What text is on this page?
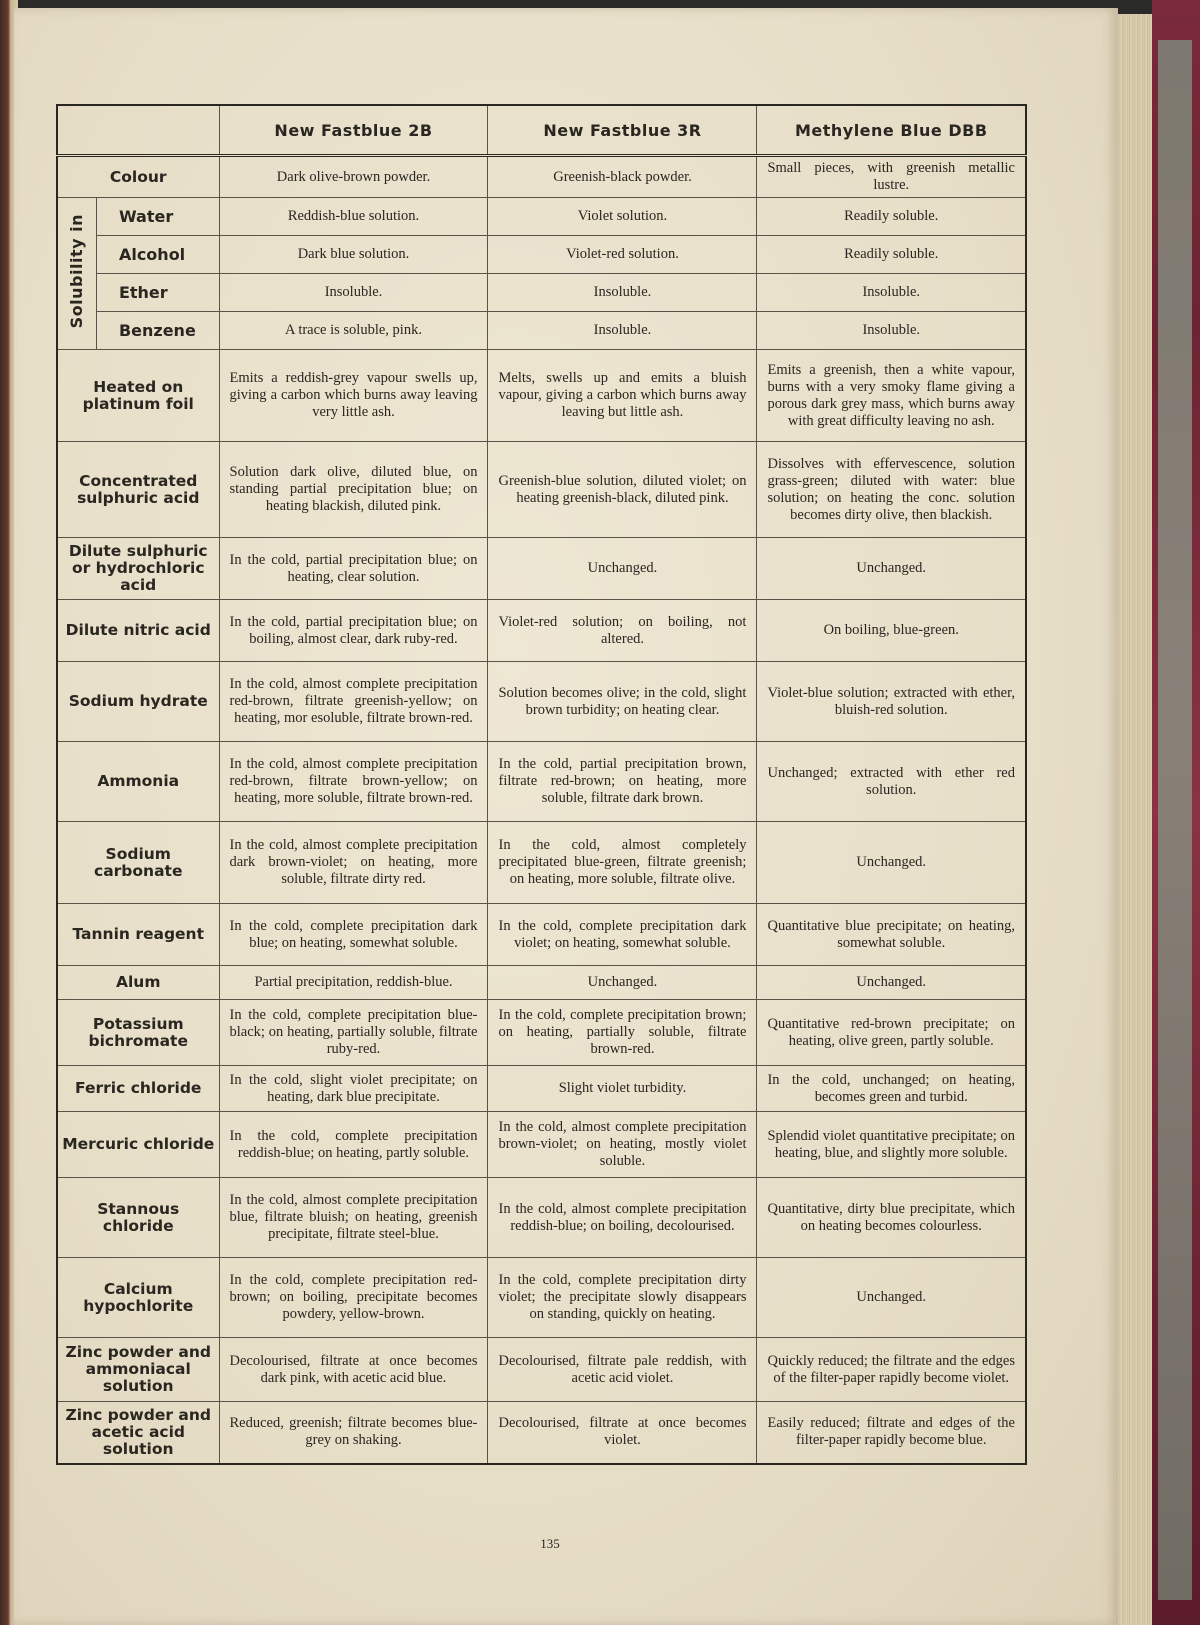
		New Fastblue 2B	New Fastblue 3R	Methylene Blue DBB
Colour		Dark olive-brown powder.	Greenish-black powder.	Small pieces, with greenish metallic lustre.
Solubility in	Water	Reddish-blue solution.	Violet solution.	Readily soluble.
	Alcohol	Dark blue solution.	Violet-red solution.	Readily soluble.
	Ether	Insoluble.	Insoluble.	Insoluble.
	Benzene	A trace is soluble, pink.	Insoluble.	Insoluble.
Heated on platinum foil		Emits a reddish-grey vapour swells up, giving a carbon which burns away leaving very little ash.	Melts, swells up and emits a bluish vapour, giving a carbon which burns away leaving but little ash.	Emits a greenish, then a white vapour, burns with a very smoky flame giving a porous dark grey mass, which burns away with great difficulty leaving no ash.
Concentrated sulphuric acid		Solution dark olive, diluted blue, on standing partial precipitation blue; on heating blackish, diluted pink.	Greenish-blue solution, diluted violet; on heating greenish-black, diluted pink.	Dissolves with effervescence, solution grass-green; diluted with water: blue solution; on heating the conc. solution becomes dirty olive, then blackish.
Dilute sulphuric or hydrochloric acid		In the cold, partial precipitation blue; on heating, clear solution.	Unchanged.	Unchanged.
Dilute nitric acid		In the cold, partial precipitation blue; on boiling, almost clear, dark ruby-red.	Violet-red solution; on boiling, not altered.	On boiling, blue-green.
Sodium hydrate		In the cold, almost complete precipitation red-brown, filtrate greenish-yellow; on heating, mor esoluble, filtrate brown-red.	Solution becomes olive; in the cold, slight brown turbidity; on heating clear.	Violet-blue solution; extracted with ether, bluish-red solution.
Ammonia		In the cold, almost complete precipitation red-brown, filtrate brown-yellow; on heating, more soluble, filtrate brown-red.	In the cold, partial precipitation brown, filtrate red-brown; on heating, more soluble, filtrate dark brown.	Unchanged; extracted with ether red solution.
Sodium carbonate		In the cold, almost complete precipitation dark brown-violet; on heating, more soluble, filtrate dirty red.	In the cold, almost completely precipitated blue-green, filtrate greenish; on heating, more soluble, filtrate olive.	Unchanged.
Tannin reagent		In the cold, complete precipitation dark blue; on heating, somewhat soluble.	In the cold, complete precipitation dark violet; on heating, somewhat soluble.	Quantitative blue precipitate; on heating, somewhat soluble.
Alum		Partial precipitation, reddish-blue.	Unchanged.	Unchanged.
Potassium bichromate		In the cold, complete precipitation blue-black; on heating, partially soluble, filtrate ruby-red.	In the cold, complete precipitation brown; on heating, partially soluble, filtrate brown-red.	Quantitative red-brown precipitate; on heating, olive green, partly soluble.
Ferric chloride		In the cold, slight violet precipitate; on heating, dark blue precipitate.	Slight violet turbidity.	In the cold, unchanged; on heating, becomes green and turbid.
Mercuric chloride		In the cold, complete precipitation reddish-blue; on heating, partly soluble.	In the cold, almost complete precipitation brown-violet; on heating, mostly violet soluble.	Splendid violet quantitative precipitate; on heating, blue, and slightly more soluble.
Stannous chloride		In the cold, almost complete precipitation blue, filtrate bluish; on heating, greenish precipitate, filtrate steel-blue.	In the cold, almost complete precipitation reddish-blue; on boiling, decolourised.	Quantitative, dirty blue precipitate, which on heating becomes colourless.
Calcium hypochlorite		In the cold, complete precipitation red-brown; on boiling, precipitate becomes powdery, yellow-brown.	In the cold, complete precipitation dirty violet; the precipitate slowly disappears on standing, quickly on heating.	Unchanged.
Zinc powder and ammoniacal solution		Decolourised, filtrate at once becomes dark pink, with acetic acid blue.	Decolourised, filtrate pale reddish, with acetic acid violet.	Quickly reduced; the filtrate and the edges of the filter-paper rapidly become violet.
Zinc powder and acetic acid solution		Reduced, greenish; filtrate becomes blue-grey on shaking.	Decolourised, filtrate at once becomes violet.	Easily reduced; filtrate and edges of the filter-paper rapidly become blue.
135
